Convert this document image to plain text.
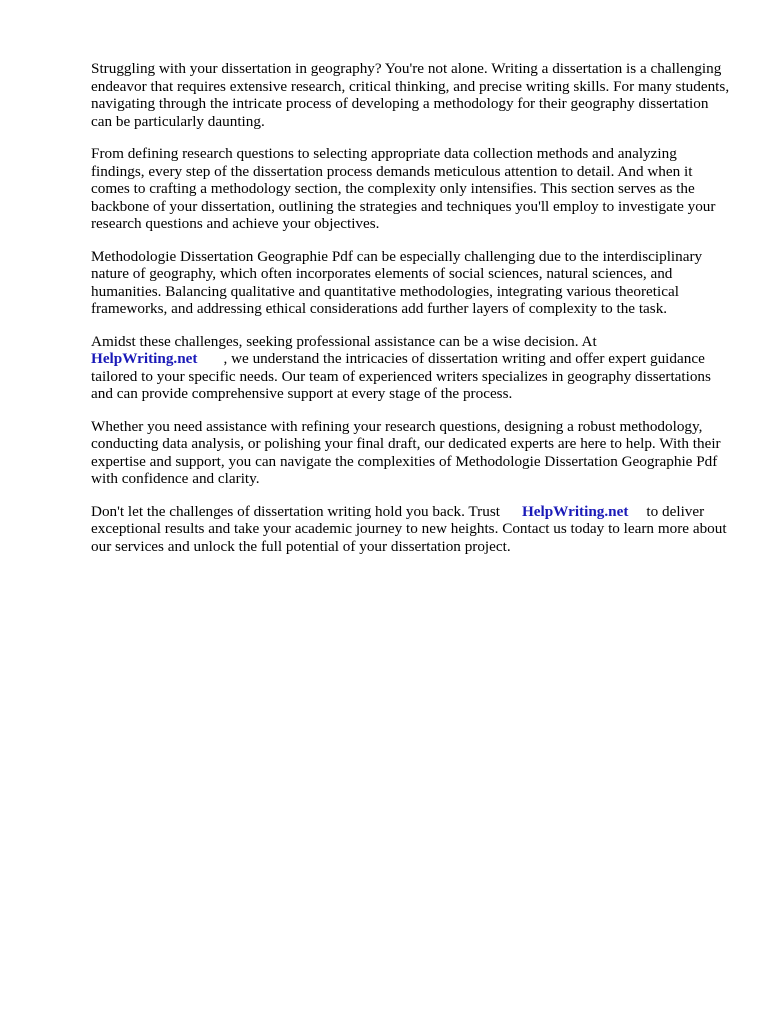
Struggling with your dissertation in geography? You're not alone. Writing a dissertation is a challenging endeavor that requires extensive research, critical thinking, and precise writing skills. For many students, navigating through the intricate process of developing a methodology for their geography dissertation can be particularly daunting.

From defining research questions to selecting appropriate data collection methods and analyzing findings, every step of the dissertation process demands meticulous attention to detail. And when it comes to crafting a methodology section, the complexity only intensifies. This section serves as the backbone of your dissertation, outlining the strategies and techniques you'll employ to investigate your research questions and achieve your objectives.

Methodologie Dissertation Geographie Pdf can be especially challenging due to the interdisciplinary nature of geography, which often incorporates elements of social sciences, natural sciences, and humanities. Balancing qualitative and quantitative methodologies, integrating various theoretical frameworks, and addressing ethical considerations add further layers of complexity to the task.

Amidst these challenges, seeking professional assistance can be a wise decision. At
HelpWriting.net , we understand the intricacies of dissertation writing and offer expert guidance tailored to your specific needs. Our team of experienced writers specializes in geography dissertations and can provide comprehensive support at every stage of the process.

Whether you need assistance with refining your research questions, designing a robust methodology, conducting data analysis, or polishing your final draft, our dedicated experts are here to help. With their expertise and support, you can navigate the complexities of Methodologie Dissertation Geographie Pdf with confidence and clarity.

Don't let the challenges of dissertation writing hold you back. Trust HelpWriting.net to deliver exceptional results and take your academic journey to new heights. Contact us today to learn more about our services and unlock the full potential of your dissertation project.
